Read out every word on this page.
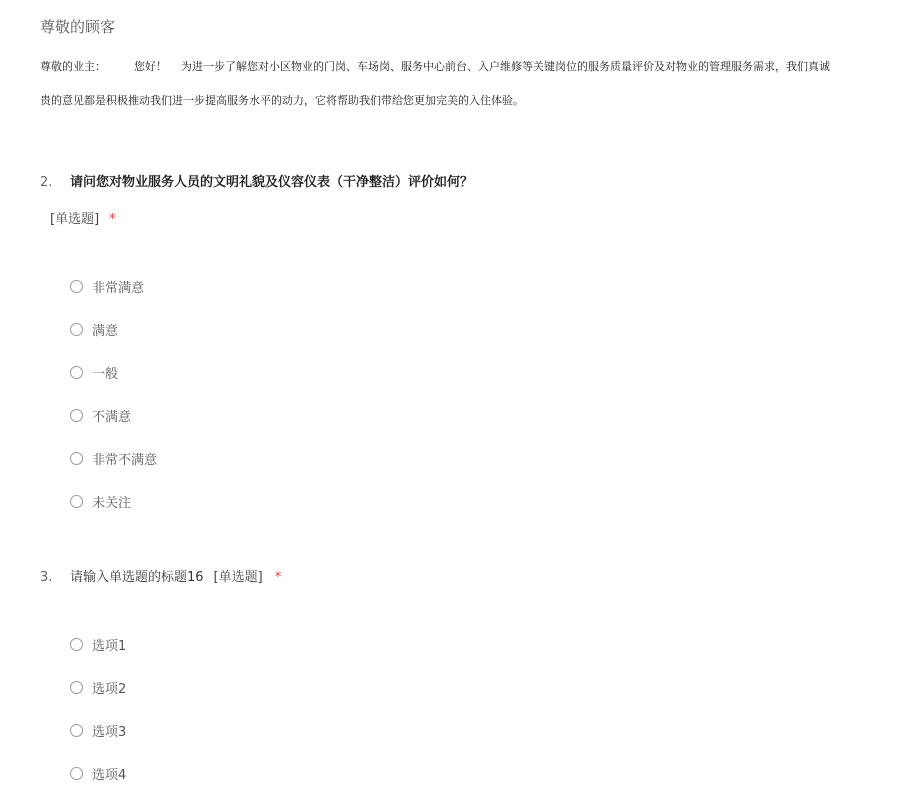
尊敬的顾客
尊敬的业主：	您好！ 为进一步了解您对小区物业的门岗、车场岗、服务中心前台、入户维修等关键岗位的服务质量评价及对物业的管理服务需求，我们真诚
贵的意见都是积极推动我们进一步提高服务水平的动力，它将帮助我们带给您更加完美的入住体验。
2. 请问您对物业服务人员的文明礼貌及仪容仪表（干净整洁）评价如何？
[单选题] *
非常满意
满意
一般
不满意
非常不满意
未关注
3. 请输入单选题的标题16 [单选题] *
选项1
选项2
选项3
选项4
